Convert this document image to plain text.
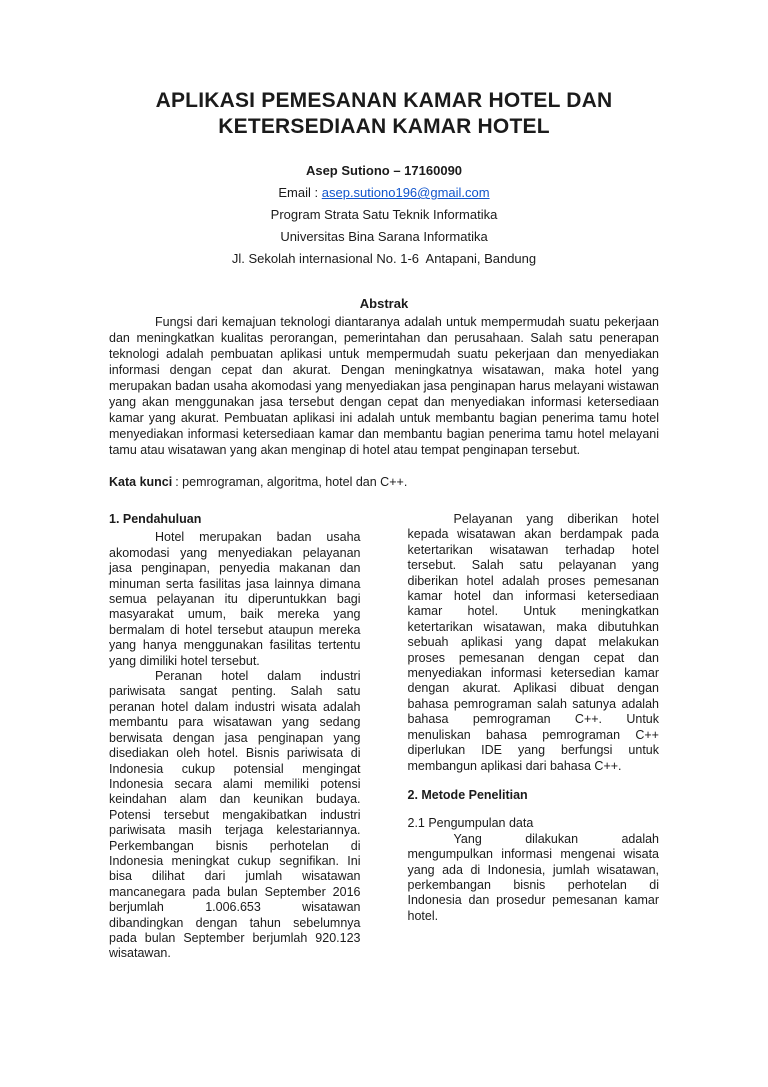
APLIKASI PEMESANAN KAMAR HOTEL DAN
KETERSEDIAAN KAMAR HOTEL
Asep Sutiono – 17160090
Email : asep.sutiono196@gmail.com
Program Strata Satu Teknik Informatika
Universitas Bina Sarana Informatika
Jl. Sekolah internasional No. 1-6  Antapani, Bandung
Abstrak

Fungsi dari kemajuan teknologi diantaranya adalah untuk mempermudah suatu pekerjaan dan meningkatkan kualitas perorangan, pemerintahan dan perusahaan. Salah satu penerapan teknologi adalah pembuatan aplikasi untuk mempermudah suatu pekerjaan dan menyediakan informasi dengan cepat dan akurat. Dengan meningkatnya wisatawan, maka hotel yang merupakan badan usaha akomodasi yang menyediakan jasa penginapan harus melayani wistawan yang akan menggunakan jasa tersebut dengan cepat dan menyediakan informasi ketersediaan kamar yang akurat. Pembuatan aplikasi ini adalah untuk membantu bagian penerima tamu hotel menyediakan informasi ketersediaan kamar dan membantu bagian penerima tamu hotel melayani tamu atau wisatawan yang akan menginap di hotel atau tempat penginapan tersebut.

Kata kunci : pemrograman, algoritma, hotel dan C++.
1. Pendahuluan

Hotel merupakan badan usaha akomodasi yang menyediakan pelayanan jasa penginapan, penyedia makanan dan minuman serta fasilitas jasa lainnya dimana semua pelayanan itu diperuntukkan bagi masyarakat umum, baik mereka yang bermalam di hotel tersebut ataupun mereka yang hanya menggunakan fasilitas tertentu yang dimiliki hotel tersebut.

Peranan hotel dalam industri pariwisata sangat penting. Salah satu peranan hotel dalam industri wisata adalah membantu para wisatawan yang sedang berwisata dengan jasa penginapan yang disediakan oleh hotel. Bisnis pariwisata di Indonesia cukup potensial mengingat Indonesia secara alami memiliki potensi keindahan alam dan keunikan budaya. Potensi tersebut mengakibatkan industri pariwisata masih terjaga kelestariannya. Perkembangan bisnis perhotelan di Indonesia meningkat cukup segnifikan. Ini bisa dilihat dari jumlah wisatawan mancanegara pada bulan September 2016 berjumlah 1.006.653 wisatawan dibandingkan dengan tahun sebelumnya pada bulan September berjumlah 920.123 wisatawan.

Pelayanan yang diberikan hotel kepada wisatawan akan berdampak pada ketertarikan wisatawan terhadap hotel tersebut. Salah satu pelayanan yang diberikan hotel adalah proses pemesanan kamar hotel dan informasi ketersediaan kamar hotel. Untuk meningkatkan ketertarikan wisatawan, maka dibutuhkan sebuah aplikasi yang dapat melakukan proses pemesanan dengan cepat dan menyediakan informasi ketersedian kamar dengan akurat. Aplikasi dibuat dengan bahasa pemrograman salah satunya adalah bahasa pemrograman C++. Untuk menuliskan bahasa pemrograman C++ diperlukan IDE yang berfungsi untuk membangun aplikasi dari bahasa C++.

2. Metode Penelitian
2.1 Pengumpulan data

Yang dilakukan adalah mengumpulkan informasi mengenai wisata yang ada di Indonesia, jumlah wisatawan, perkembangan bisnis perhotelan di Indonesia dan prosedur pemesanan kamar hotel.
